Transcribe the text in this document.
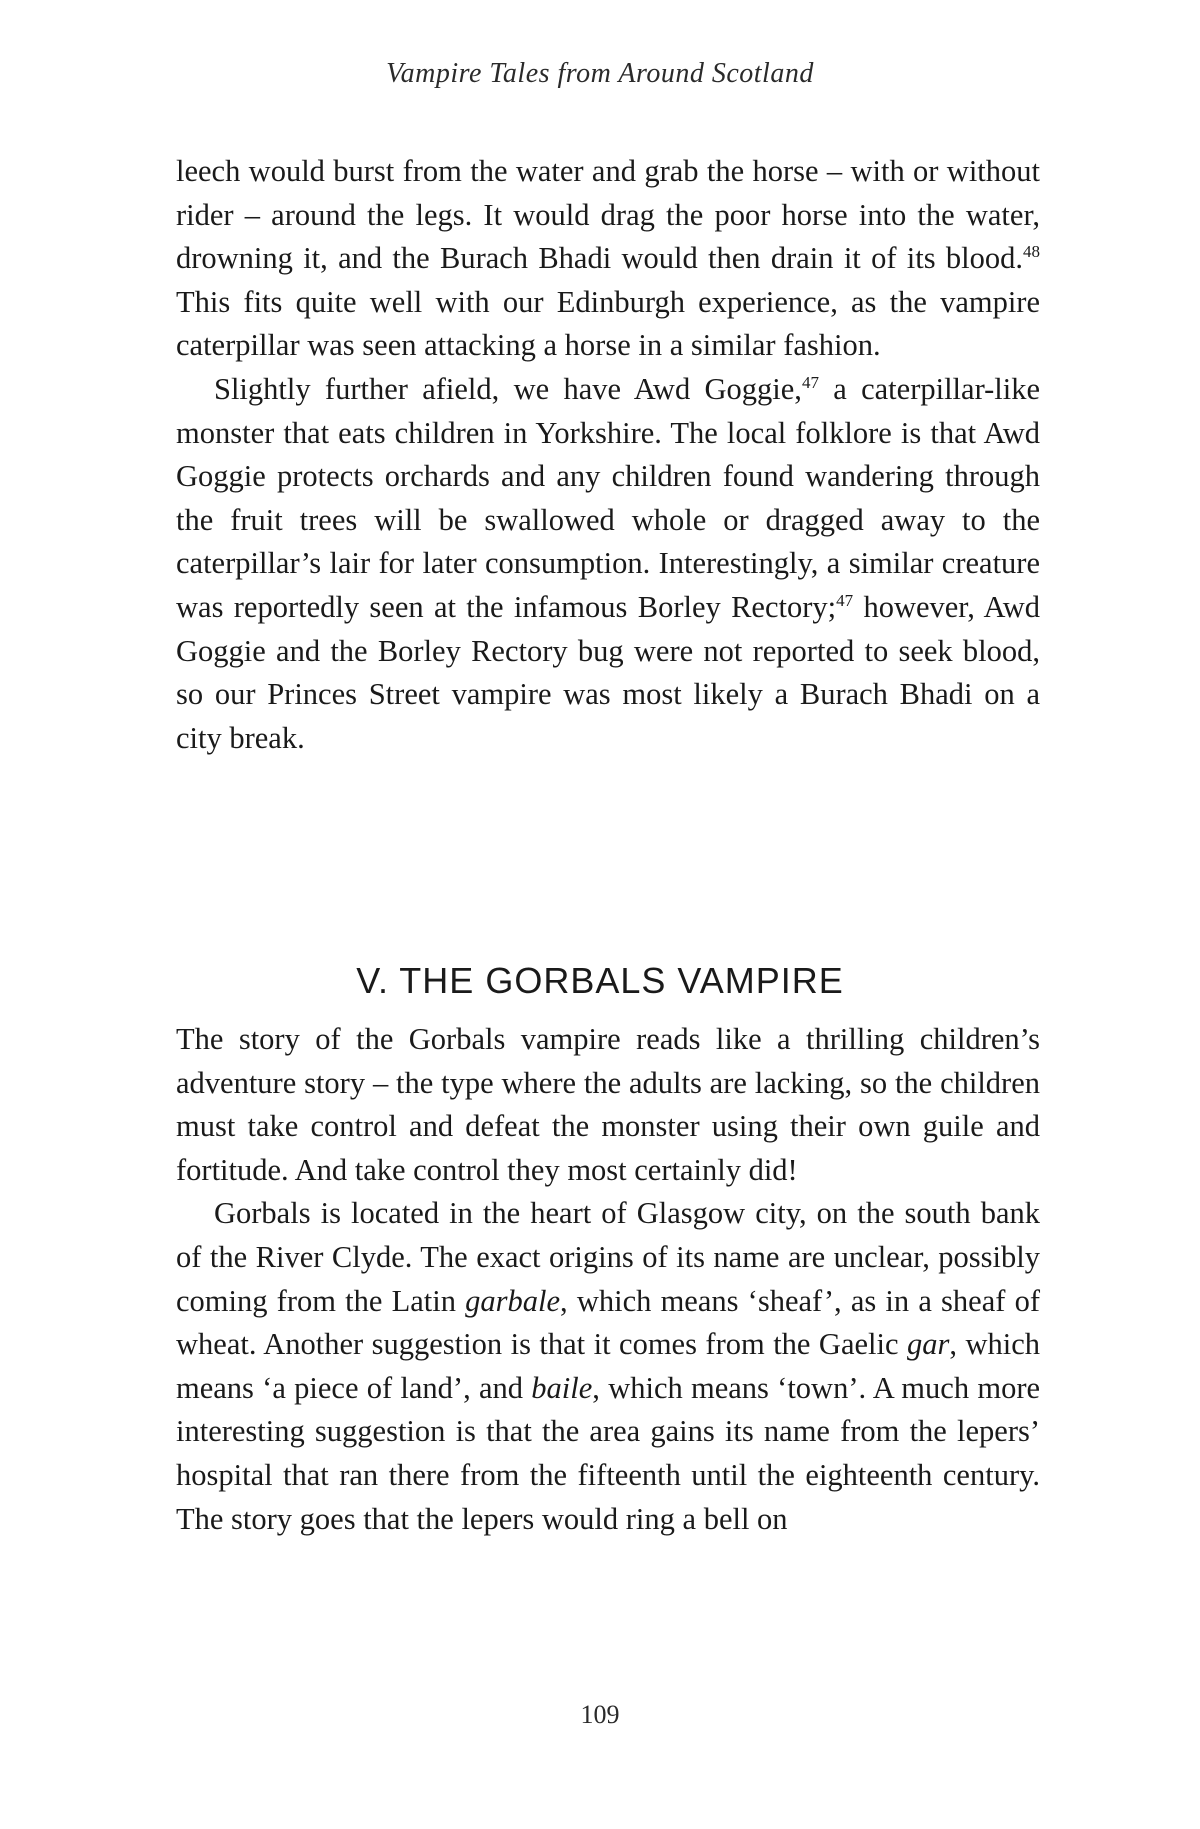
Vampire Tales from Around Scotland

leech would burst from the water and grab the horse – with or without rider – around the legs. It would drag the poor horse into the water, drowning it, and the Burach Bhadi would then drain it of its blood.$^{48}$ This fits quite well with our Edinburgh experience, as the vampire caterpillar was seen attacking a horse in a similar fashion.

Slightly further afield, we have Awd Goggie,$^{47}$ a caterpillar-like monster that eats children in Yorkshire. The local folklore is that Awd Goggie protects orchards and any children found wandering through the fruit trees will be swallowed whole or dragged away to the caterpillar’s lair for later consumption. Interestingly, a similar creature was reportedly seen at the infamous Borley Rectory;$^{47}$ however, Awd Goggie and the Borley Rectory bug were not reported to seek blood, so our Princes Street vampire was most likely a Burach Bhadi on a city break.

V. THE GORBALS VAMPIRE

The story of the Gorbals vampire reads like a thrilling children’s adventure story – the type where the adults are lacking, so the children must take control and defeat the monster using their own guile and fortitude. And take control they most certainly did!

Gorbals is located in the heart of Glasgow city, on the south bank of the River Clyde. The exact origins of its name are unclear, possibly coming from the Latin garbale, which means ‘sheaf’, as in a sheaf of wheat. Another suggestion is that it comes from the Gaelic gar, which means ‘a piece of land’, and baile, which means ‘town’. A much more interesting suggestion is that the area gains its name from the lepers’ hospital that ran there from the fifteenth until the eighteenth century. The story goes that the lepers would ring a bell on

109
